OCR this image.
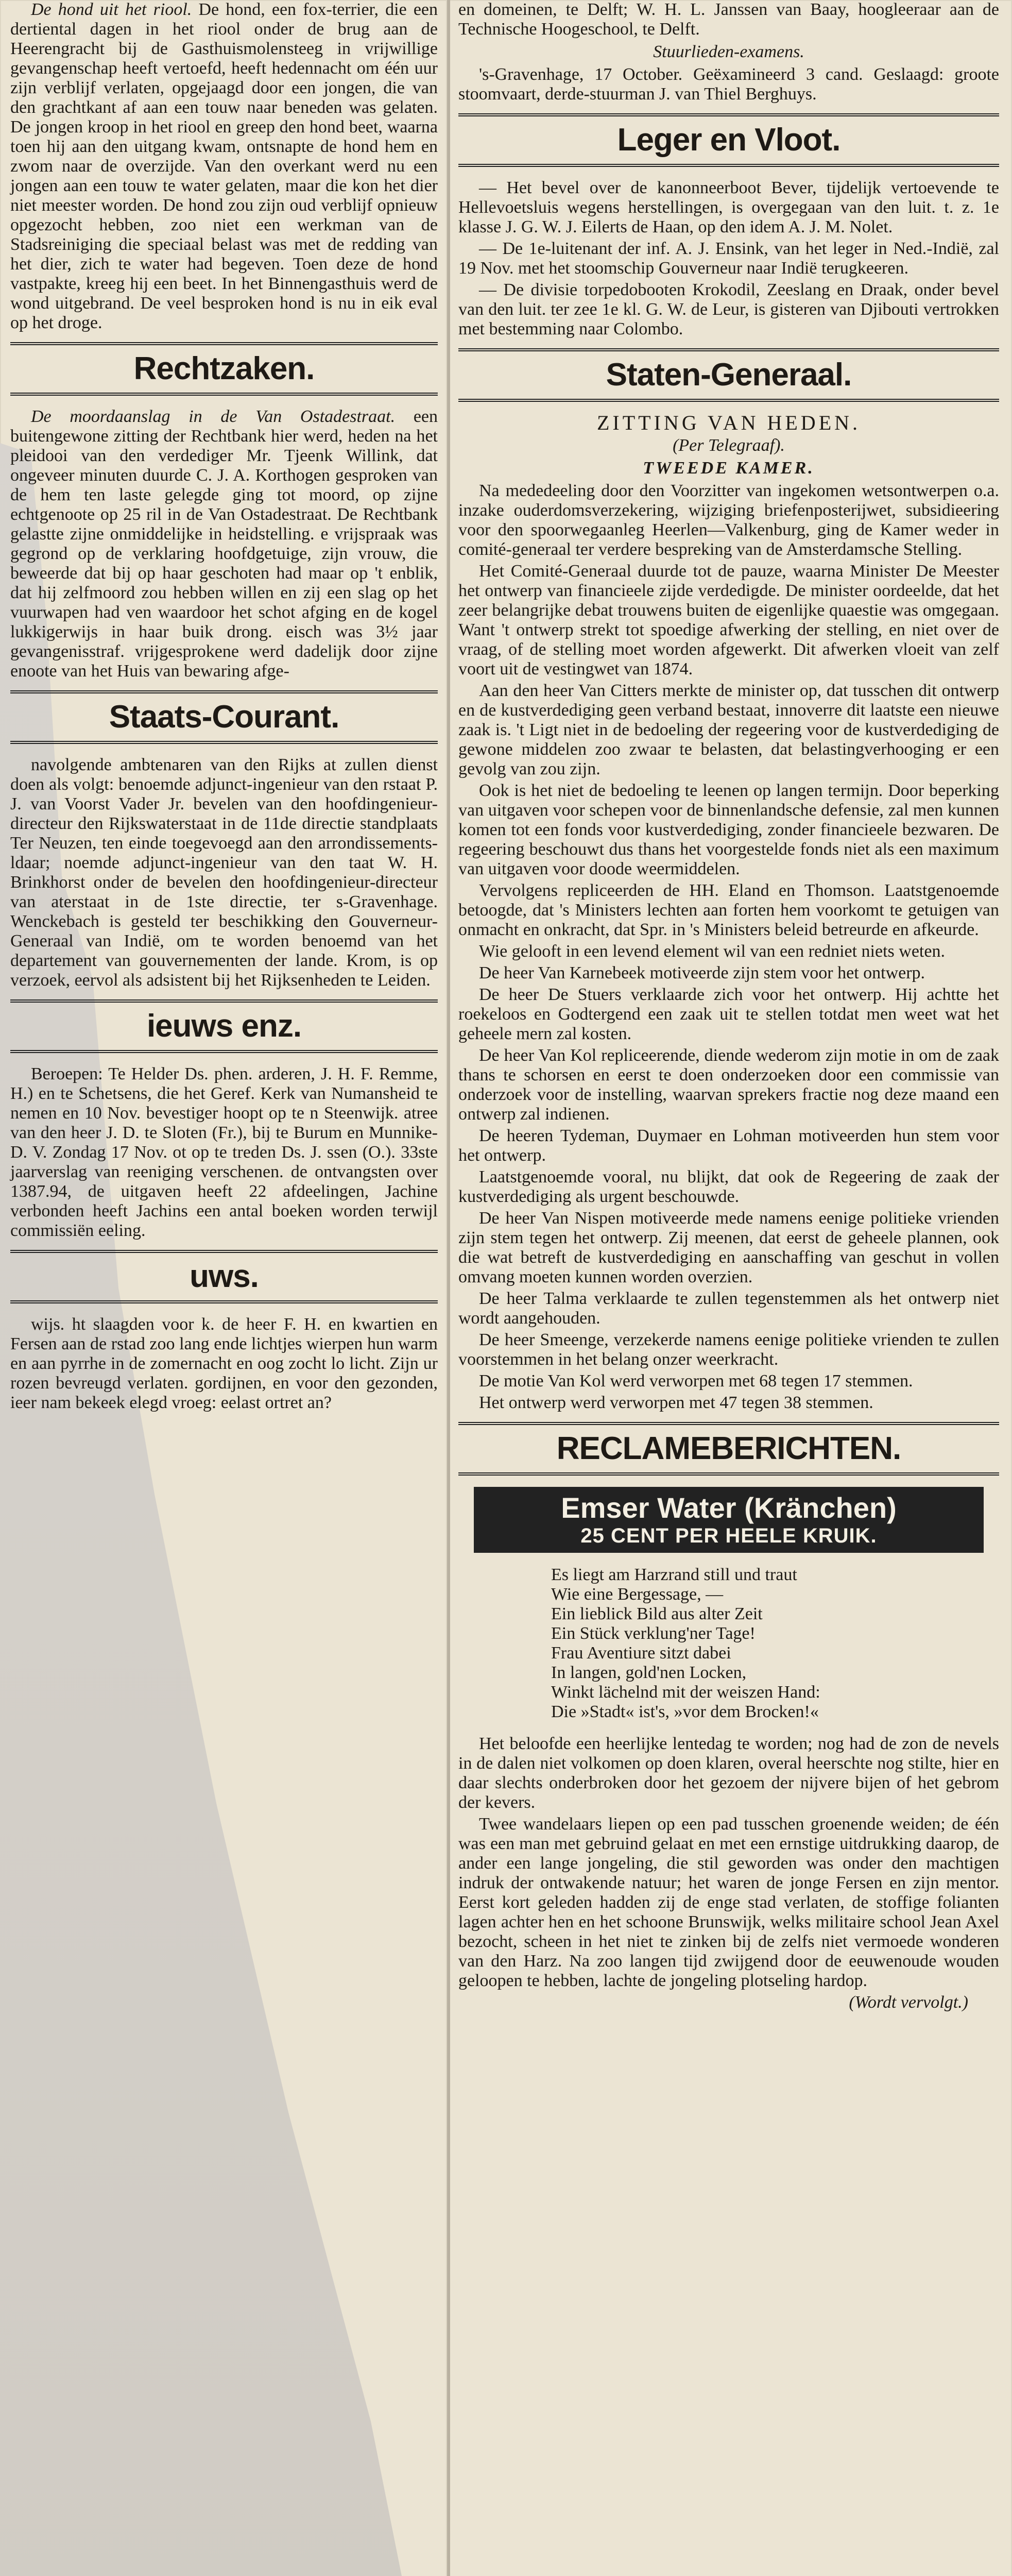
De hond uit het riool. De hond, een fox-terrier, die een dertiental dagen in het riool onder de brug aan de Heerengracht bij de Gasthuismolensteeg in vrijwillige gevangenschap heeft vertoefd, heeft hedennacht om één uur zijn verblijf verlaten, opgejaagd door een jongen, die van den grachtkant af aan een touw naar beneden was gelaten. De jongen kroop in het riool en greep den hond beet, waarna toen hij aan den uitgang kwam, ontsnapte de hond hem en zwom naar de overzijde. Van den overkant werd nu een jongen aan een touw te water gelaten, maar die kon het dier niet meester worden. De hond zou zijn oud verblijf opnieuw opgezocht hebben, zoo niet een werkman van de Stadsreiniging die speciaal belast was met de redding van het dier, zich te water had begeven. Toen deze de hond vastpakte, kreeg hij een beet. In het Binnengasthuis werd de wond uitgebrand. De veel besproken hond is nu in eik eval op het droge.

Rechtzaken.

De moordaanslag in de Van Ostadestraat. een buitengewone zitting der Rechtbank hier werd, heden na het pleidooi van den verdediger Mr. Tjeenk Willink, dat ongeveer minuten duurde C. J. A. Korthogen gesproken van de hem ten laste gelegde ging tot moord, op zijne echtgenoote op 25 ril in de Van Ostadestraat. De Rechtbank gelastte zijne onmiddelijke in heidstelling. e vrijspraak was gegrond op de verklaring hoofdgetuige, zijn vrouw, die beweerde dat bij op haar geschoten had maar op 't enblik, dat hij zelfmoord zou hebben willen en zij een slag op het vuurwapen had ven waardoor het schot afging en de kogel lukkigerwijs in haar buik drong. eisch was 3½ jaar gevangenisstraf. vrijgesprokene werd dadelijk door zijne enoote van het Huis van bewaring afge-

Staats-Courant.

navolgende ambtenaren van den Rijks at zullen dienst doen als volgt: benoemde adjunct-ingenieur van den rstaat P. J. van Voorst Vader Jr. bevelen van den hoofdingenieur-directeur den Rijkswaterstaat in de 11de directie standplaats Ter Neuzen, ten einde toegevoegd aan den arrondissements-ldaar; noemde adjunct-ingenieur van den taat W. H. Brinkhorst onder de bevelen den hoofdingenieur-directeur van aterstaat in de 1ste directie, ter s-Gravenhage. Wenckebach is gesteld ter beschikking den Gouverneur-Generaal van Indië, om te worden benoemd van het departement van gouvernementen der lande. Krom, is op verzoek, eervol als adsistent bij het Rijksenheden te Leiden.

ieuws enz.

Beroepen: Te Helder Ds. phen. arderen, J. H. F. Remme, H.) en te Schetsens, die het Geref. Kerk van Numansheid te nemen en 10 Nov. bevestiger hoopt op te n Steenwijk. atree van den heer J. D. te Sloten (Fr.), bij te Burum en Munnike- D. V. Zondag 17 Nov. ot op te treden Ds. J. ssen (O.). 33ste jaarverslag van reeniging verschenen. de ontvangsten over 1387.94, de uitgaven heeft 22 afdeelingen, Jachine verbonden heeft Jachins een antal boeken worden terwijl commissiën eeling.

uws.

wijs. ht slaagden voor k. de heer F. H. en kwartien en Fersen aan de rstad zoo lang ende lichtjes wierpen hun warm en aan pyrrhe in de zomernacht en oog zocht lo licht. Zijn ur rozen bevreugd verlaten. gordijnen, en voor den gezonden, ieer nam bekeek elegd vroeg: eelast ortret an?

en domeinen, te Delft; W. H. L. Janssen van Baay, hoogleeraar aan de Technische Hoogeschool, te Delft.

Stuurlieden-examens.

's-Gravenhage, 17 October. Geëxamineerd 3 cand. Geslaagd: groote stoomvaart, derde-stuurman J. van Thiel Berghuys.

Leger en Vloot.

— Het bevel over de kanonneerboot Bever, tijdelijk vertoevende te Hellevoetsluis wegens herstellingen, is overgegaan van den luit. t. z. 1e klasse J. G. W. J. Eilerts de Haan, op den idem A. J. M. Nolet.

— De 1e-luitenant der inf. A. J. Ensink, van het leger in Ned.-Indië, zal 19 Nov. met het stoomschip Gouverneur naar Indië terugkeeren.

— De divisie torpedobooten Krokodil, Zeeslang en Draak, onder bevel van den luit. ter zee 1e kl. G. W. de Leur, is gisteren van Djibouti vertrokken met bestemming naar Colombo.

Staten-Generaal.
ZITTING VAN HEDEN.
(Per Telegraaf).
TWEEDE KAMER.

Na mededeeling door den Voorzitter van ingekomen wetsontwerpen o.a. inzake ouderdomsverzekering, wijziging briefenposterijwet, subsidieering voor den spoorwegaanleg Heerlen—Valkenburg, ging de Kamer weder in comité-generaal ter verdere bespreking van de Amsterdamsche Stelling.

Het Comité-Generaal duurde tot de pauze, waarna Minister De Meester het ontwerp van financieele zijde verdedigde. De minister oordeelde, dat het zeer belangrijke debat trouwens buiten de eigenlijke quaestie was omgegaan. Want 't ontwerp strekt tot spoedige afwerking der stelling, en niet over de vraag, of de stelling moet worden afgewerkt. Dit afwerken vloeit van zelf voort uit de vestingwet van 1874.

Aan den heer Van Citters merkte de minister op, dat tusschen dit ontwerp en de kustverdediging geen verband bestaat, innoverre dit laatste een nieuwe zaak is. 't Ligt niet in de bedoeling der regeering voor de kustverdediging de gewone middelen zoo zwaar te belasten, dat belastingverhooging er een gevolg van zou zijn.

Ook is het niet de bedoeling te leenen op langen termijn. Door beperking van uitgaven voor schepen voor de binnenlandsche defensie, zal men kunnen komen tot een fonds voor kustverdediging, zonder financieele bezwaren. De regeering beschouwt dus thans het voorgestelde fonds niet als een maximum van uitgaven voor doode weermiddelen.

Vervolgens repliceerden de HH. Eland en Thomson. Laatstgenoemde betoogde, dat 's Ministers lechten aan forten hem voorkomt te getuigen van onmacht en onkracht, dat Spr. in 's Ministers beleid betreurde en afkeurde.

Wie gelooft in een levend element wil van een redniet niets weten.

De heer Van Karnebeek motiveerde zijn stem voor het ontwerp.

De heer De Stuers verklaarde zich voor het ontwerp. Hij achtte het roekeloos en Godtergend een zaak uit te stellen totdat men weet wat het geheele mern zal kosten.

De heer Van Kol repliceerende, diende wederom zijn motie in om de zaak thans te schorsen en eerst te doen onderzoeken door een commissie van onderzoek voor de instelling, waarvan sprekers fractie nog deze maand een ontwerp zal indienen.

De heeren Tydeman, Duymaer en Lohman motiveerden hun stem voor het ontwerp.

Laatstgenoemde vooral, nu blijkt, dat ook de Regeering de zaak der kustverdediging als urgent beschouwde.

De heer Van Nispen motiveerde mede namens eenige politieke vrienden zijn stem tegen het ontwerp. Zij meenen, dat eerst de geheele plannen, ook die wat betreft de kustverdediging en aanschaffing van geschut in vollen omvang moeten kunnen worden overzien.

De heer Talma verklaarde te zullen tegenstemmen als het ontwerp niet wordt aangehouden.

De heer Smeenge, verzekerde namens eenige politieke vrienden te zullen voorstemmen in het belang onzer weerkracht.

De motie Van Kol werd verworpen met 68 tegen 17 stemmen.

Het ontwerp werd verworpen met 47 tegen 38 stemmen.

RECLAMEBERICHTEN.
Emser Water (Kränchen)
25 CENT PER HEELE KRUIK.
Es liegt am Harzrand still und traut
Wie eine Bergessage, —
Ein lieblick Bild aus alter Zeit
Ein Stück verklung'ner Tage!
Frau Aventiure sitzt dabei
In langen, gold'nen Locken,
Winkt lächelnd mit der weiszen Hand:
Die »Stadt« ist's, »vor dem Brocken!«

Het beloofde een heerlijke lentedag te worden; nog had de zon de nevels in de dalen niet volkomen op doen klaren, overal heerschte nog stilte, hier en daar slechts onderbroken door het gezoem der nijvere bijen of het gebrom der kevers.

Twee wandelaars liepen op een pad tusschen groenende weiden; de één was een man met gebruind gelaat en met een ernstige uitdrukking daarop, de ander een lange jongeling, die stil geworden was onder den machtigen indruk der ontwakende natuur; het waren de jonge Fersen en zijn mentor. Eerst kort geleden hadden zij de enge stad verlaten, de stoffige folianten lagen achter hen en het schoone Brunswijk, welks militaire school Jean Axel bezocht, scheen in het niet te zinken bij de zelfs niet vermoede wonderen van den Harz. Na zoo langen tijd zwijgend door de eeuwenoude wouden geloopen te hebben, lachte de jongeling plotseling hardop.

(Wordt vervolgt.)
